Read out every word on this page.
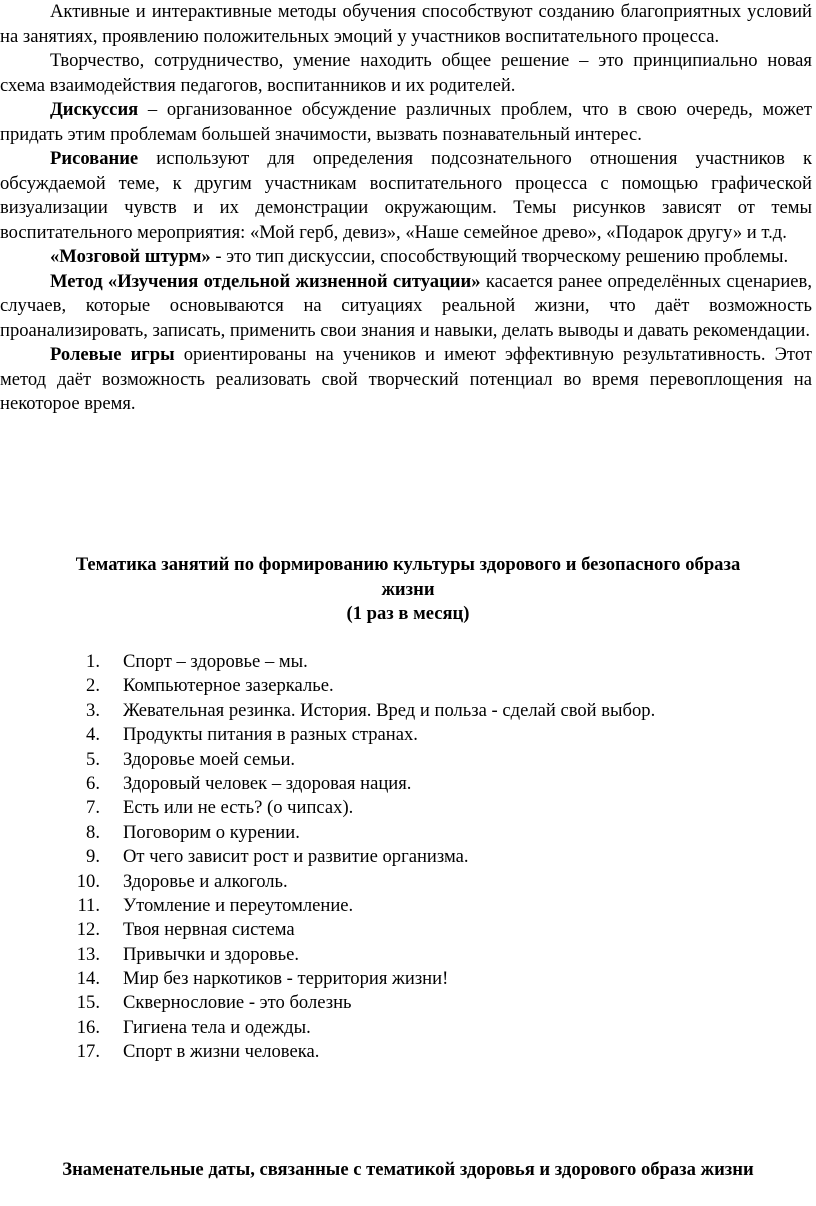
Активные и интерактивные методы обучения способствуют созданию благоприятных условий на занятиях, проявлению положительных эмоций у участников воспитательного процесса.

Творчество, сотрудничество, умение находить общее решение – это принципиально новая схема взаимодействия педагогов, воспитанников и их родителей.

Дискуссия – организованное обсуждение различных проблем, что в свою очередь, может придать этим проблемам большей значимости, вызвать познавательный интерес.

Рисование используют для определения подсознательного отношения участников к обсуждаемой теме, к другим участникам воспитательного процесса с помощью графической визуализации чувств и их демонстрации окружающим. Темы рисунков зависят от темы воспитательного мероприятия: «Мой герб, девиз», «Наше семейное древо», «Подарок другу» и т.д.

«Мозговой штурм» - это тип дискуссии, способствующий творческому решению проблемы.

Метод «Изучения отдельной жизненной ситуации» касается ранее определённых сценариев, случаев, которые основываются на ситуациях реальной жизни, что даёт возможность проанализировать, записать, применить свои знания и навыки, делать выводы и давать рекомендации.

Ролевые игры ориентированы на учеников и имеют эффективную результативность. Этот метод даёт возможность реализовать свой творческий потенциал во время перевоплощения на некоторое время.

Тематика занятий по формированию культуры здорового и безопасного образа
жизни
(1 раз в месяц)
1. Спорт – здоровье – мы.
2. Компьютерное зазеркалье.
3. Жевательная резинка. История. Вред и польза - сделай свой выбор.
4. Продукты питания в разных странах.
5. Здоровье моей семьи.
6. Здоровый человек – здоровая нация.
7. Есть или не есть? (о чипсах).
8. Поговорим о курении.
9. От чего зависит рост и развитие организма.
10. Здоровье и алкоголь.
11. Утомление и переутомление.
12. Твоя нервная система
13. Привычки и здоровье.
14. Мир без наркотиков - территория жизни!
15. Сквернословие - это болезнь
16. Гигиена тела и одежды.
17. Спорт в жизни человека.
Знаменательные даты, связанные с тематикой здоровья и здорового образа жизни
